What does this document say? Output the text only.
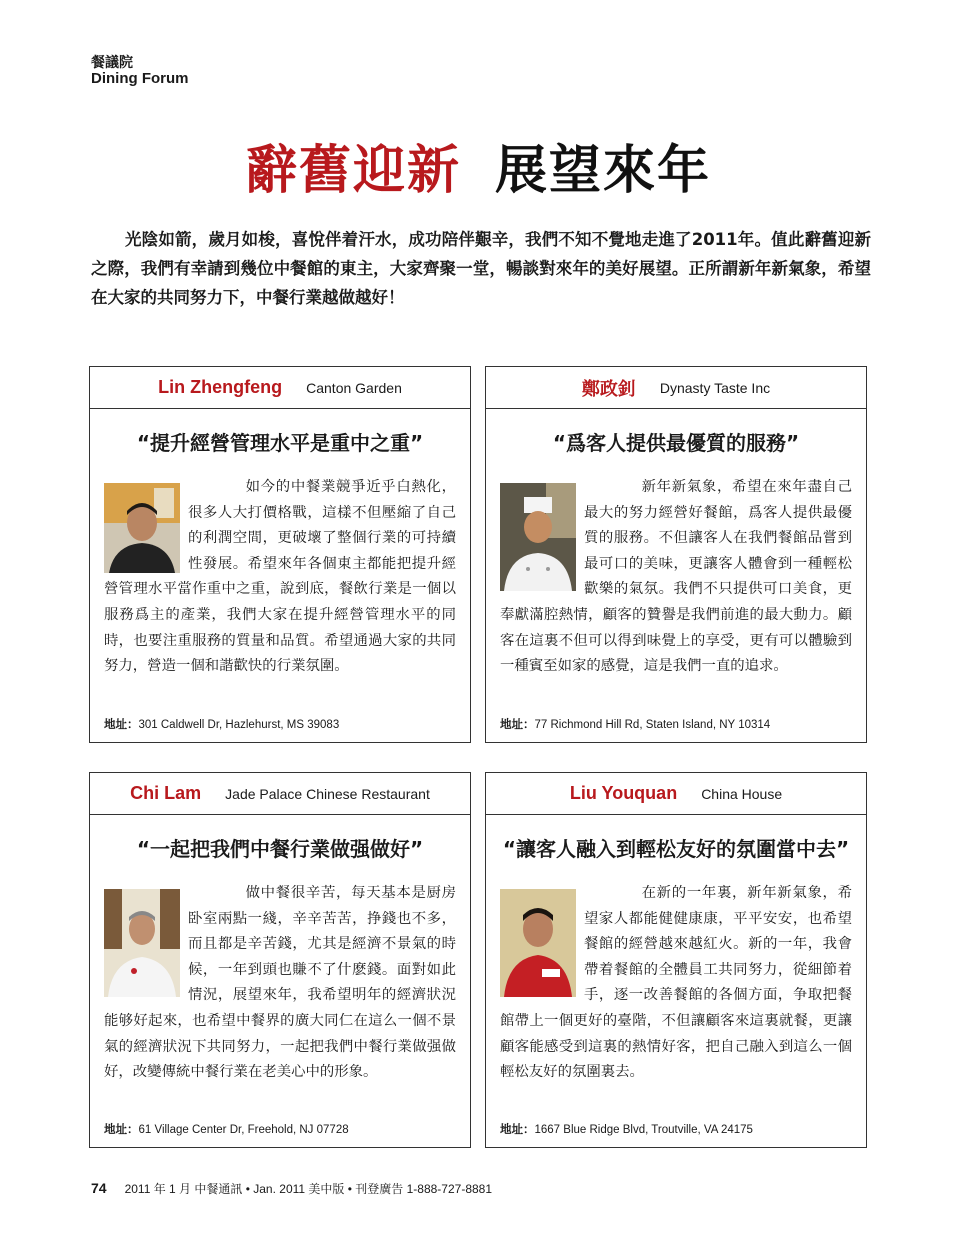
餐議院
Dining Forum
辭舊迎新 展望來年
光陰如箭，歲月如梭，喜悅伴着汗水，成功陪伴艱辛，我們不知不覺地走進了2011年。值此辭舊迎新之際，我們有幸請到幾位中餐館的東主，大家齊聚一堂，暢談對來年的美好展望。正所謂新年新氣象，希望在大家的共同努力下，中餐行業越做越好！
Lin Zhengfeng Canton Garden
“提升經營管理水平是重中之重”
如今的中餐業競爭近乎白熱化，很多人大打價格戰，這樣不但壓縮了自己的利潤空間，更破壞了整個行業的可持續性發展。希望來年各個東主都能把提升經營管理水平當作重中之重，說到底，餐飲行業是一個以服務爲主的產業，我們大家在提升經營管理水平的同時，也要注重服務的質量和品質。希望通過大家的共同努力，營造一個和諧歡快的行業氛圍。
地址：301 Caldwell Dr, Hazlehurst, MS 39083
鄭政釗 Dynasty Taste Inc
“爲客人提供最優質的服務”
新年新氣象，希望在來年盡自己最大的努力經營好餐館，爲客人提供最優質的服務。不但讓客人在我們餐館品嘗到最可口的美味，更讓客人體會到一種輕松歡樂的氣氛。我們不只提供可口美食，更奉獻滿腔熱情，顧客的贊譽是我們前進的最大動力。顧客在這裏不但可以得到味覺上的享受，更有可以體驗到一種賓至如家的感覺，這是我們一直的追求。
地址：77 Richmond Hill Rd, Staten Island, NY 10314
Chi Lam Jade Palace Chinese Restaurant
“一起把我們中餐行業做强做好”
做中餐很辛苦，每天基本是厨房卧室兩點一綫，辛辛苦苦，挣錢也不多，而且都是辛苦錢，尤其是經濟不景氣的時候，一年到頭也賺不了什麽錢。面對如此情況，展望來年，我希望明年的經濟狀況能够好起來，也希望中餐界的廣大同仁在這么一個不景氣的經濟狀況下共同努力，一起把我們中餐行業做强做好，改變傳統中餐行業在老美心中的形象。
地址：61 Village Center Dr, Freehold, NJ 07728
Liu Youquan China House
“讓客人融入到輕松友好的氛圍當中去”
在新的一年裏，新年新氣象，希望家人都能健健康康，平平安安，也希望餐館的經營越來越紅火。新的一年，我會帶着餐館的全體員工共同努力，從細節着手，逐一改善餐館的各個方面，争取把餐館帶上一個更好的臺階，不但讓顧客來這裏就餐，更讓顧客能感受到這裏的熱情好客，把自己融入到這么一個輕松友好的氛圍裏去。
地址：1667 Blue Ridge Blvd, Troutville, VA 24175
74 2011 年 1 月 中餐通訊 • Jan. 2011 美中版 • 刊登廣告 1-888-727-8881
